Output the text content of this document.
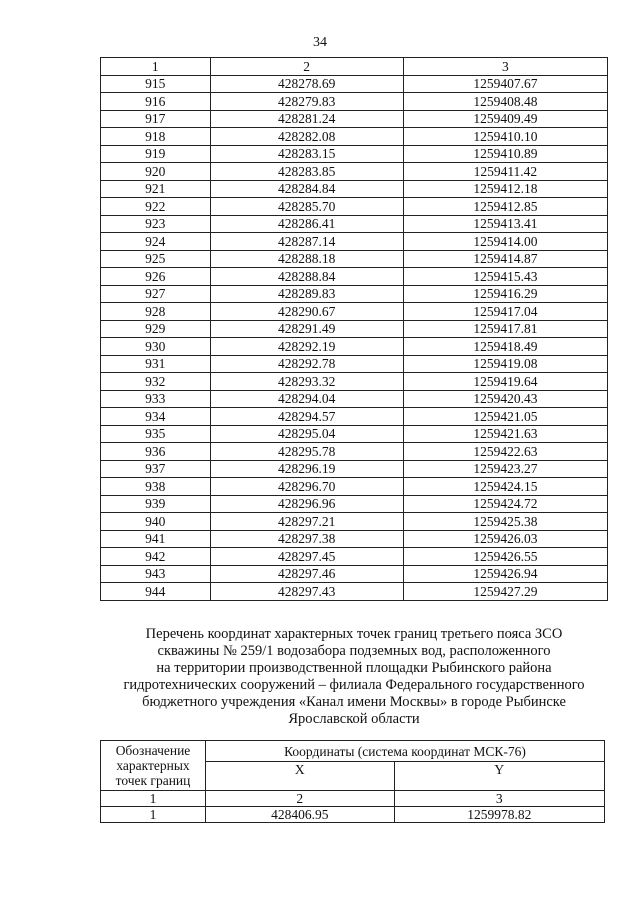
34
1	2	3
915	428278.69	1259407.67
916	428279.83	1259408.48
917	428281.24	1259409.49
918	428282.08	1259410.10
919	428283.15	1259410.89
920	428283.85	1259411.42
921	428284.84	1259412.18
922	428285.70	1259412.85
923	428286.41	1259413.41
924	428287.14	1259414.00
925	428288.18	1259414.87
926	428288.84	1259415.43
927	428289.83	1259416.29
928	428290.67	1259417.04
929	428291.49	1259417.81
930	428292.19	1259418.49
931	428292.78	1259419.08
932	428293.32	1259419.64
933	428294.04	1259420.43
934	428294.57	1259421.05
935	428295.04	1259421.63
936	428295.78	1259422.63
937	428296.19	1259423.27
938	428296.70	1259424.15
939	428296.96	1259424.72
940	428297.21	1259425.38
941	428297.38	1259426.03
942	428297.45	1259426.55
943	428297.46	1259426.94
944	428297.43	1259427.29
Перечень координат характерных точек границ третьего пояса ЗСО
скважины № 259/1 водозабора подземных вод, расположенного
на территории производственной площадки Рыбинского района
гидротехнических сооружений – филиала Федерального государственного
бюджетного учреждения «Канал имени Москвы» в городе Рыбинске
Ярославской области
Обозначение характерных точек границ	Координаты (система координат МСК-76)	
	X	Y
1	2	3
1	428406.95	1259978.82
